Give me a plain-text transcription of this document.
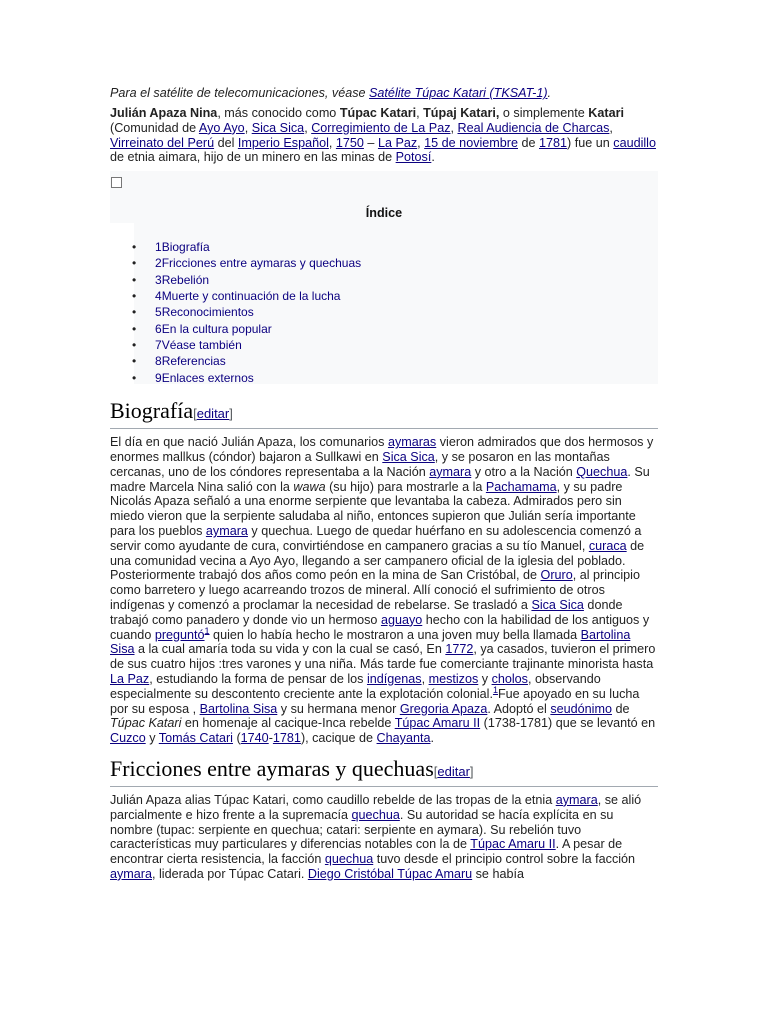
Para el satélite de telecomunicaciones, véase Satélite Túpac Katari (TKSAT-1).

Julián Apaza Nina, más conocido como Túpac Katari, Túpaj Katari, o simplemente Katari (Comunidad de Ayo Ayo, Sica Sica, Corregimiento de La Paz, Real Audiencia de Charcas, Virreinato del Perú del Imperio Español, 1750 – La Paz, 15 de noviembre de 1781) fue un caudillo de etnia aimara, hijo de un minero en las minas de Potosí.

Índice
• 1Biografía
• 2Fricciones entre aymaras y quechuas
• 3Rebelión
• 4Muerte y continuación de la lucha
• 5Reconocimientos
• 6En la cultura popular
• 7Véase también
• 8Referencias
• 9Enlaces externos
Biografía[editar]

El día en que nació Julián Apaza, los comunarios aymaras vieron admirados que dos hermosos y enormes mallkus (cóndor) bajaron a Sullkawi en Sica Sica, y se posaron en las montañas cercanas, uno de los cóndores representaba a la Nación aymara y otro a la Nación Quechua. Su madre Marcela Nina salió con la wawa (su hijo) para mostrarle a la Pachamama, y su padre Nicolás Apaza señaló a una enorme serpiente que levantaba la cabeza. Admirados pero sin miedo vieron que la serpiente saludaba al niño, entonces supieron que Julián sería importante para los pueblos aymara y quechua. Luego de quedar huérfano en su adolescencia comenzó a servir como ayudante de cura, convirtiéndose en campanero gracias a su tío Manuel, curaca de una comunidad vecina a Ayo Ayo, llegando a ser campanero oficial de la iglesia del poblado. Posteriormente trabajó dos años como peón en la mina de San Cristóbal, de Oruro, al principio como barretero y luego acarreando trozos de mineral. Allí conoció el sufrimiento de otros indígenas y comenzó a proclamar la necesidad de rebelarse. Se trasladó a Sica Sica donde trabajó como panadero y donde vio un hermoso aguayo hecho con la habilidad de los antiguos y cuando preguntó$^1$ quien lo había hecho le mostraron a una joven muy bella llamada Bartolina Sisa a la cual amaría toda su vida y con la cual se casó, En 1772, ya casados, tuvieron el primero de sus cuatro hijos :tres varones y una niña. Más tarde fue comerciante trajinante minorista hasta La Paz, estudiando la forma de pensar de los indígenas, mestizos y cholos, observando especialmente su descontento creciente ante la explotación colonial.$^1$Fue apoyado en su lucha por su esposa , Bartolina Sisa y su hermana menor Gregoria Apaza. Adoptó el seudónimo de Túpac Katari en homenaje al cacique-Inca rebelde Túpac Amaru II (1738-1781) que se levantó en Cuzco y Tomás Catari (1740-1781), cacique de Chayanta.

Fricciones entre aymaras y quechuas[editar]

Julián Apaza alias Túpac Katari, como caudillo rebelde de las tropas de la etnia aymara, se alió parcialmente e hizo frente a la supremacía quechua. Su autoridad se hacía explícita en su nombre (tupac: serpiente en quechua; catari: serpiente en aymara). Su rebelión tuvo características muy particulares y diferencias notables con la de Túpac Amaru II. A pesar de encontrar cierta resistencia, la facción quechua tuvo desde el principio control sobre la facción aymara, liderada por Túpac Catari. Diego Cristóbal Túpac Amaru se había
